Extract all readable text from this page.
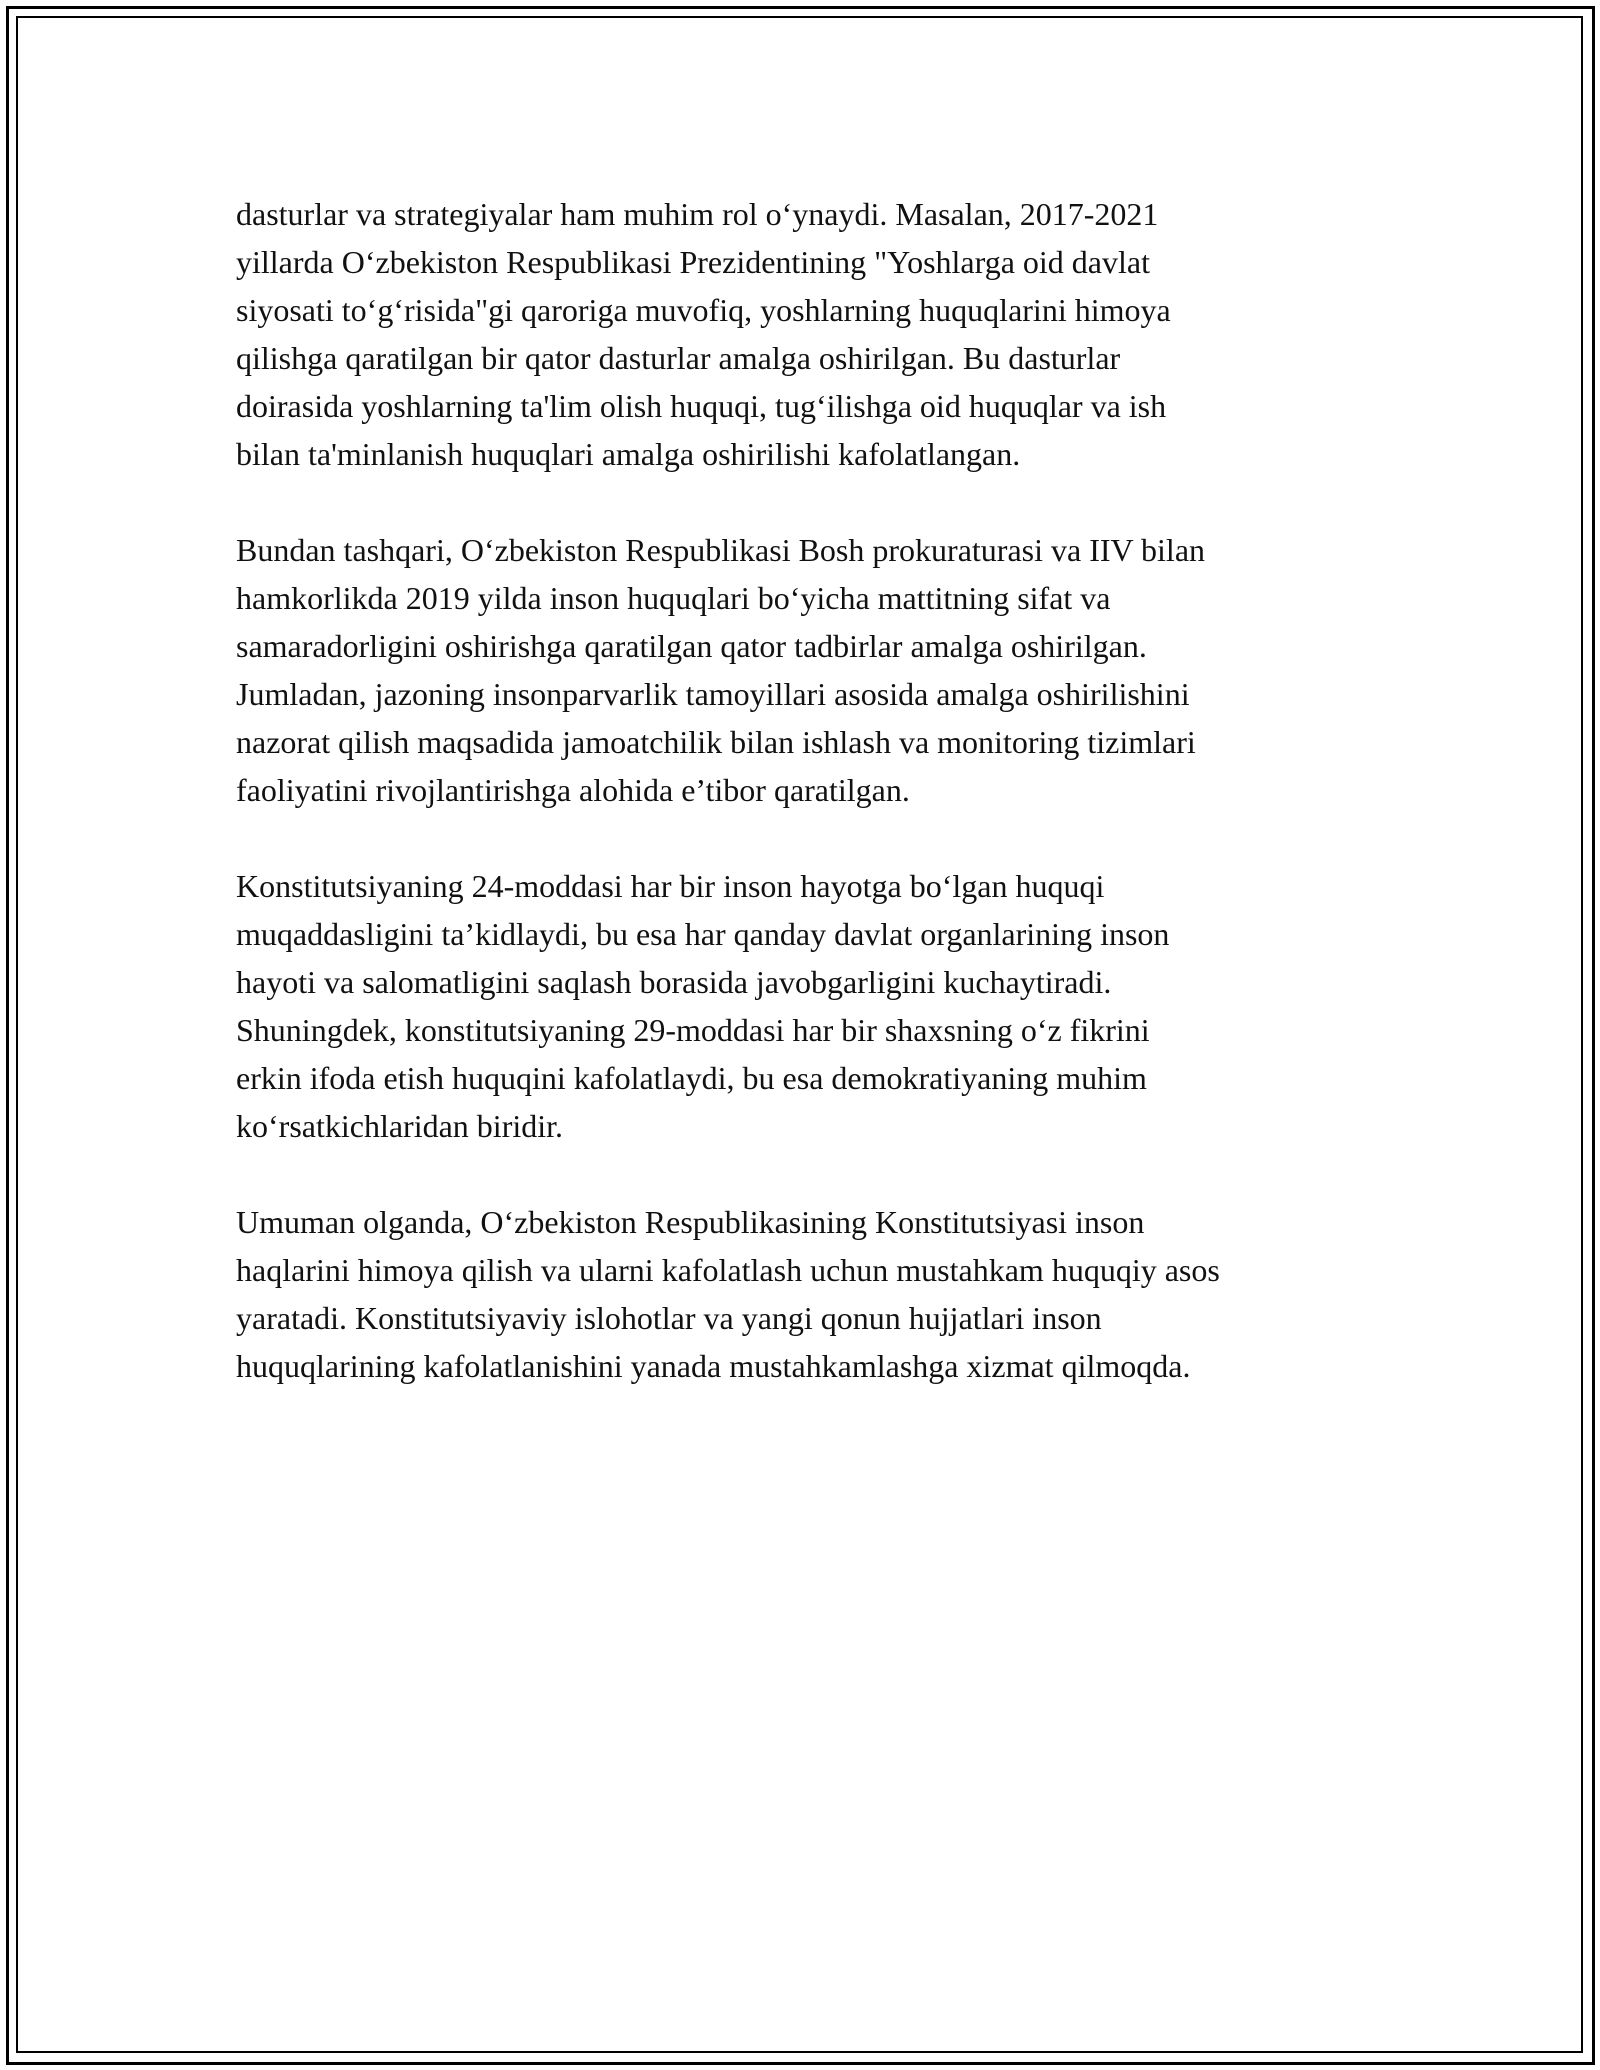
dasturlar va strategiyalar ham muhim rol o‘ynaydi. Masalan, 2017-2021
yillarda O‘zbekiston Respublikasi Prezidentining "Yoshlarga oid davlat
siyosati to‘g‘risida"gi qaroriga muvofiq, yoshlarning huquqlarini himoya
qilishga qaratilgan bir qator dasturlar amalga oshirilgan. Bu dasturlar
doirasida yoshlarning ta'lim olish huquqi, tug‘ilishga oid huquqlar va ish
bilan ta'minlanish huquqlari amalga oshirilishi kafolatlangan.
Bundan tashqari, O‘zbekiston Respublikasi Bosh prokuraturasi va IIV bilan
hamkorlikda 2019 yilda inson huquqlari bo‘yicha mattitning sifat va
samaradorligini oshirishga qaratilgan qator tadbirlar amalga oshirilgan.
Jumladan, jazoning insonparvarlik tamoyillari asosida amalga oshirilishini
nazorat qilish maqsadida jamoatchilik bilan ishlash va monitoring tizimlari
faoliyatini rivojlantirishga alohida e’tibor qaratilgan.
Konstitutsiyaning 24-moddasi har bir inson hayotga bo‘lgan huquqi
muqaddasligini ta’kidlaydi, bu esa har qanday davlat organlarining inson
hayoti va salomatligini saqlash borasida javobgarligini kuchaytiradi.
Shuningdek, konstitutsiyaning 29-moddasi har bir shaxsning o‘z fikrini
erkin ifoda etish huquqini kafolatlaydi, bu esa demokratiyaning muhim
ko‘rsatkichlaridan biridir.
Umuman olganda, O‘zbekiston Respublikasining Konstitutsiyasi inson
haqlarini himoya qilish va ularni kafolatlash uchun mustahkam huquqiy asos
yaratadi. Konstitutsiyaviy islohotlar va yangi qonun hujjatlari inson
huquqlarining kafolatlanishini yanada mustahkamlashga xizmat qilmoqda.
